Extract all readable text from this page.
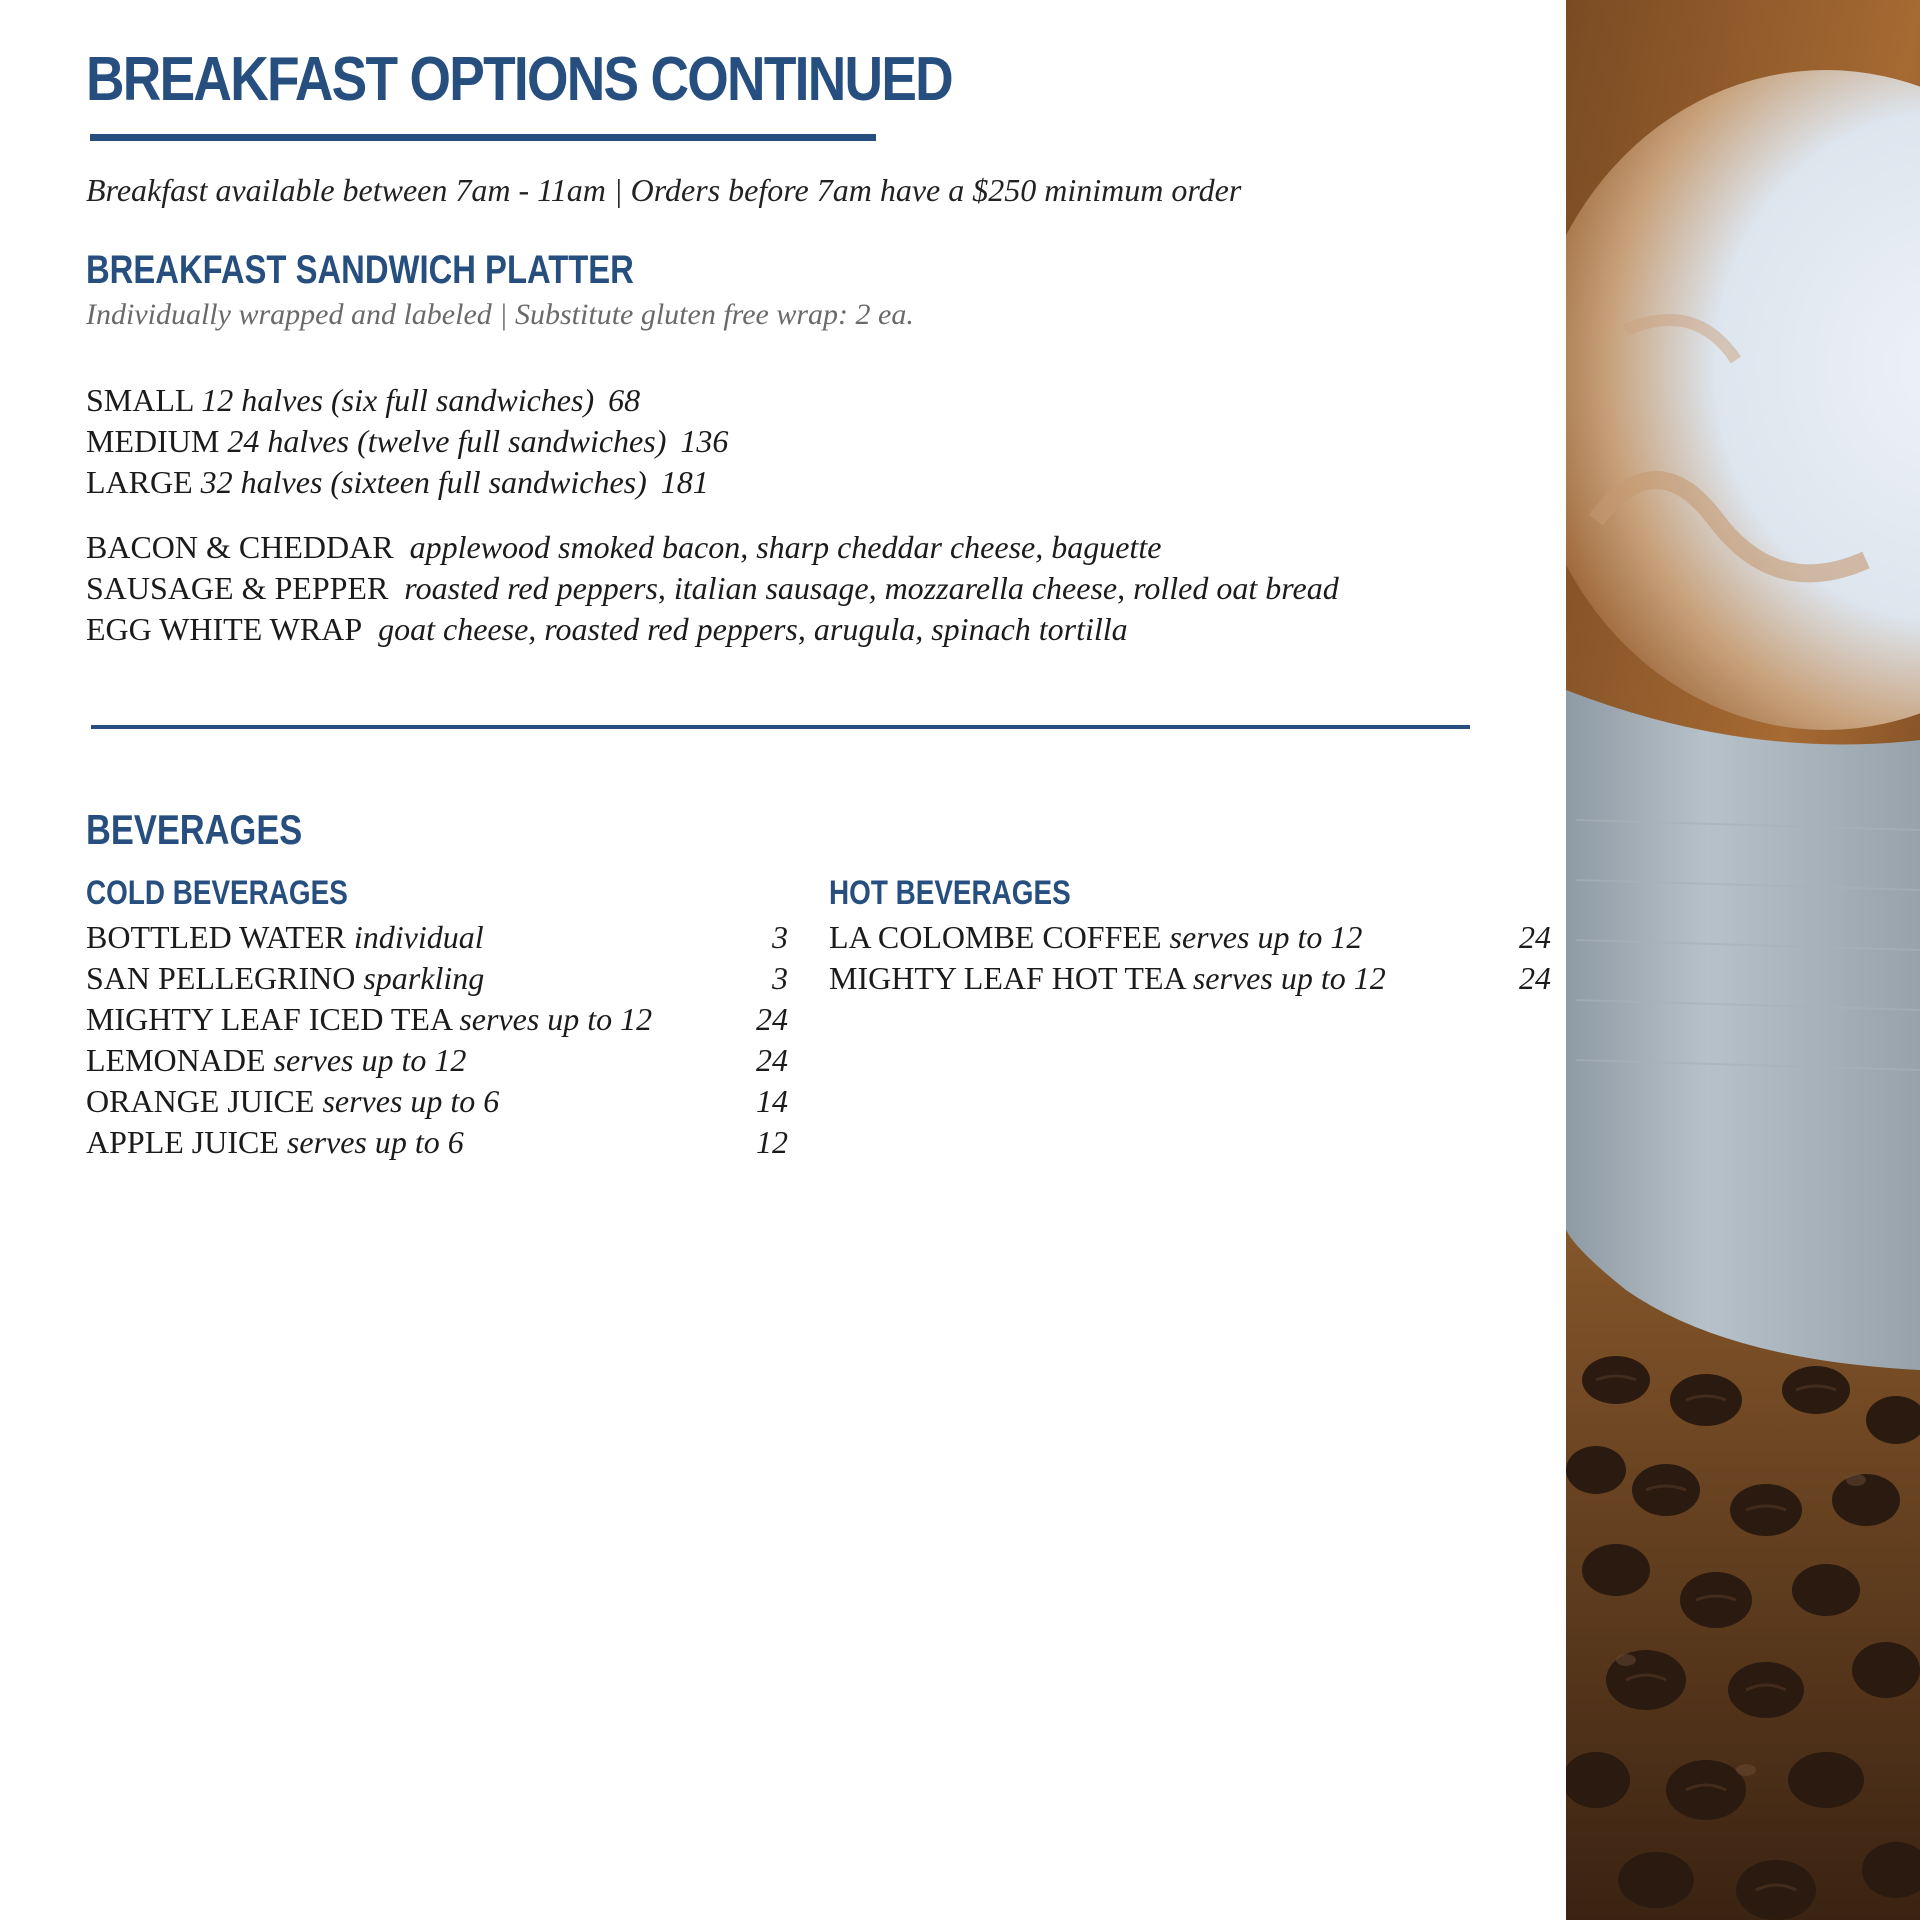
BREAKFAST OPTIONS CONTINUED
Breakfast available between 7am - 11am | Orders before 7am have a $250 minimum order
BREAKFAST SANDWICH PLATTER
Individually wrapped and labeled | Substitute gluten free wrap: 2 ea.
SMALL 12 halves (six full sandwiches) 68
MEDIUM 24 halves (twelve full sandwiches) 136
LARGE 32 halves (sixteen full sandwiches) 181
BACON & CHEDDAR applewood smoked bacon, sharp cheddar cheese, baguette
SAUSAGE & PEPPER roasted red peppers, italian sausage, mozzarella cheese, rolled oat bread
EGG WHITE WRAP goat cheese, roasted red peppers, arugula, spinach tortilla
BEVERAGES
COLD BEVERAGES
BOTTLED WATER individual	3
SAN PELLEGRINO sparkling	3
MIGHTY LEAF ICED TEA serves up to 12	24
LEMONADE serves up to 12	24
ORANGE JUICE serves up to 6	14
APPLE JUICE serves up to 6	12
HOT BEVERAGES
LA COLOMBE COFFEE serves up to 12	24
MIGHTY LEAF HOT TEA serves up to 12	24
